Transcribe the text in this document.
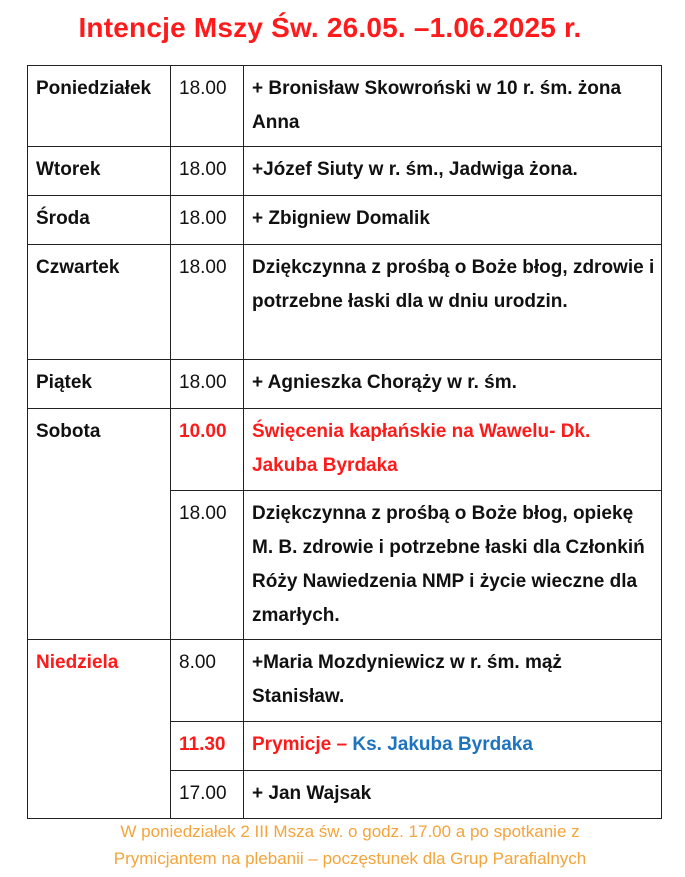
Intencje Mszy Św. 26.05. –1.06.2025 r.
Poniedziałek	18.00	+ Bronisław Skowroński w 10 r. śm. żona Anna
Wtorek	18.00	+Józef Siuty w r. śm., Jadwiga żona.
Środa	18.00	+ Zbigniew Domalik
Czwartek	18.00	Dziękczynna z prośbą o Boże błog, zdrowie i potrzebne łaski dla w dniu urodzin.
Piątek	18.00	+ Agnieszka Chorąży w r. śm.
Sobota	10.00	Święcenia kapłańskie na Wawelu- Dk. Jakuba Byrdaka
	18.00	Dziękczynna z prośbą o Boże błog, opiekę M. B. zdrowie i potrzebne łaski dla Członkiń Róży Nawiedzenia NMP i życie wieczne dla zmarłych.
Niedziela	8.00	+Maria Mozdyniewicz w r. śm. mąż Stanisław.
	11.30	Prymicje – Ks. Jakuba Byrdaka
	17.00	+ Jan Wajsak
W poniedziałek 2 III Msza św. o godz. 17.00 a po spotkanie z
Prymicjantem na plebanii – poczęstunek dla Grup Parafialnych
